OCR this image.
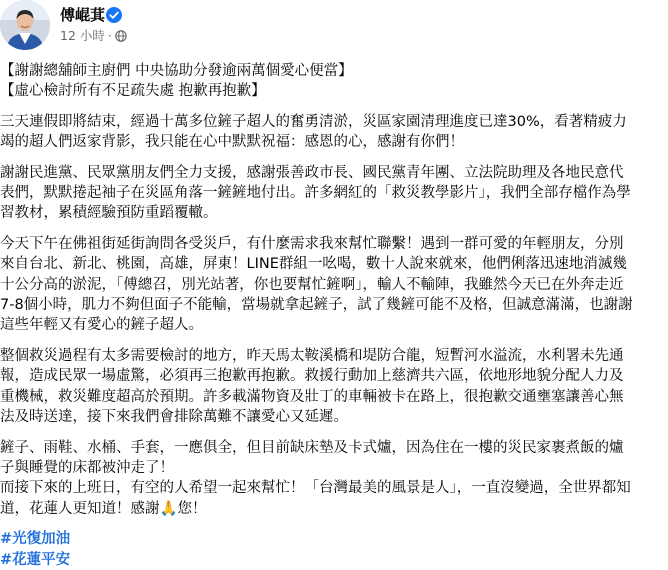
傅崐萁
12 小時 ·
【謝謝總舖師主廚們 中央協助分發逾兩萬個愛心便當】
【虛心檢討所有不足疏失處 抱歉再抱歉】
三天連假即將結束，經過十萬多位鏟子超人的奮勇清淤，災區家園清理進度已達30%，看著精疲力
竭的超人們返家背影，我只能在心中默默祝福：感恩的心，感謝有你們！
謝謝民進黨、民眾黨朋友們全力支援，感謝張善政市長、國民黨青年團、立法院助理及各地民意代
表們，默默捲起袖子在災區角落一鏟鏟地付出。許多網紅的「救災教學影片」，我們全部存檔作為學
習教材，累積經驗預防重蹈覆轍。
今天下午在佛祖街延街詢問各受災戶，有什麼需求我來幫忙聯繫！遇到一群可愛的年輕朋友，分別
來自台北、新北、桃園，高雄，屏東！LINE群組一吆喝，數十人說來就來，他們俐落迅速地消滅幾
十公分高的淤泥，「傅總召，別光站著，你也要幫忙鏟啊」，輸人不輸陣，我雖然今天已在外奔走近
7-8個小時，肌力不夠但面子不能輸，當場就拿起鏟子，試了幾鏟可能不及格，但誠意滿滿，也謝謝
這些年輕又有愛心的鏟子超人。
整個救災過程有太多需要檢討的地方，昨天馬太鞍溪橋和堤防合龍，短暫河水溢流，水利署未先通
報，造成民眾一場虛驚，必須再三抱歉再抱歉。救援行動加上慈濟共六區，依地形地貌分配人力及
重機械，救災難度超高於預期。許多載滿物資及壯丁的車輛被卡在路上，很抱歉交通壅塞讓善心無
法及時送達，接下來我們會排除萬難不讓愛心又延遲。
鏟子、雨鞋、水桶、手套，一應俱全，但目前缺床墊及卡式爐，因為住在一樓的災民家裹煮飯的爐
子與睡覺的床都被沖走了！
而接下來的上班日，有空的人希望一起來幫忙！「台灣最美的風景是人」，一直沒變過，全世界都知
道，花蓮人更知道！感謝🙏您！
#光復加油
#花蓮平安
